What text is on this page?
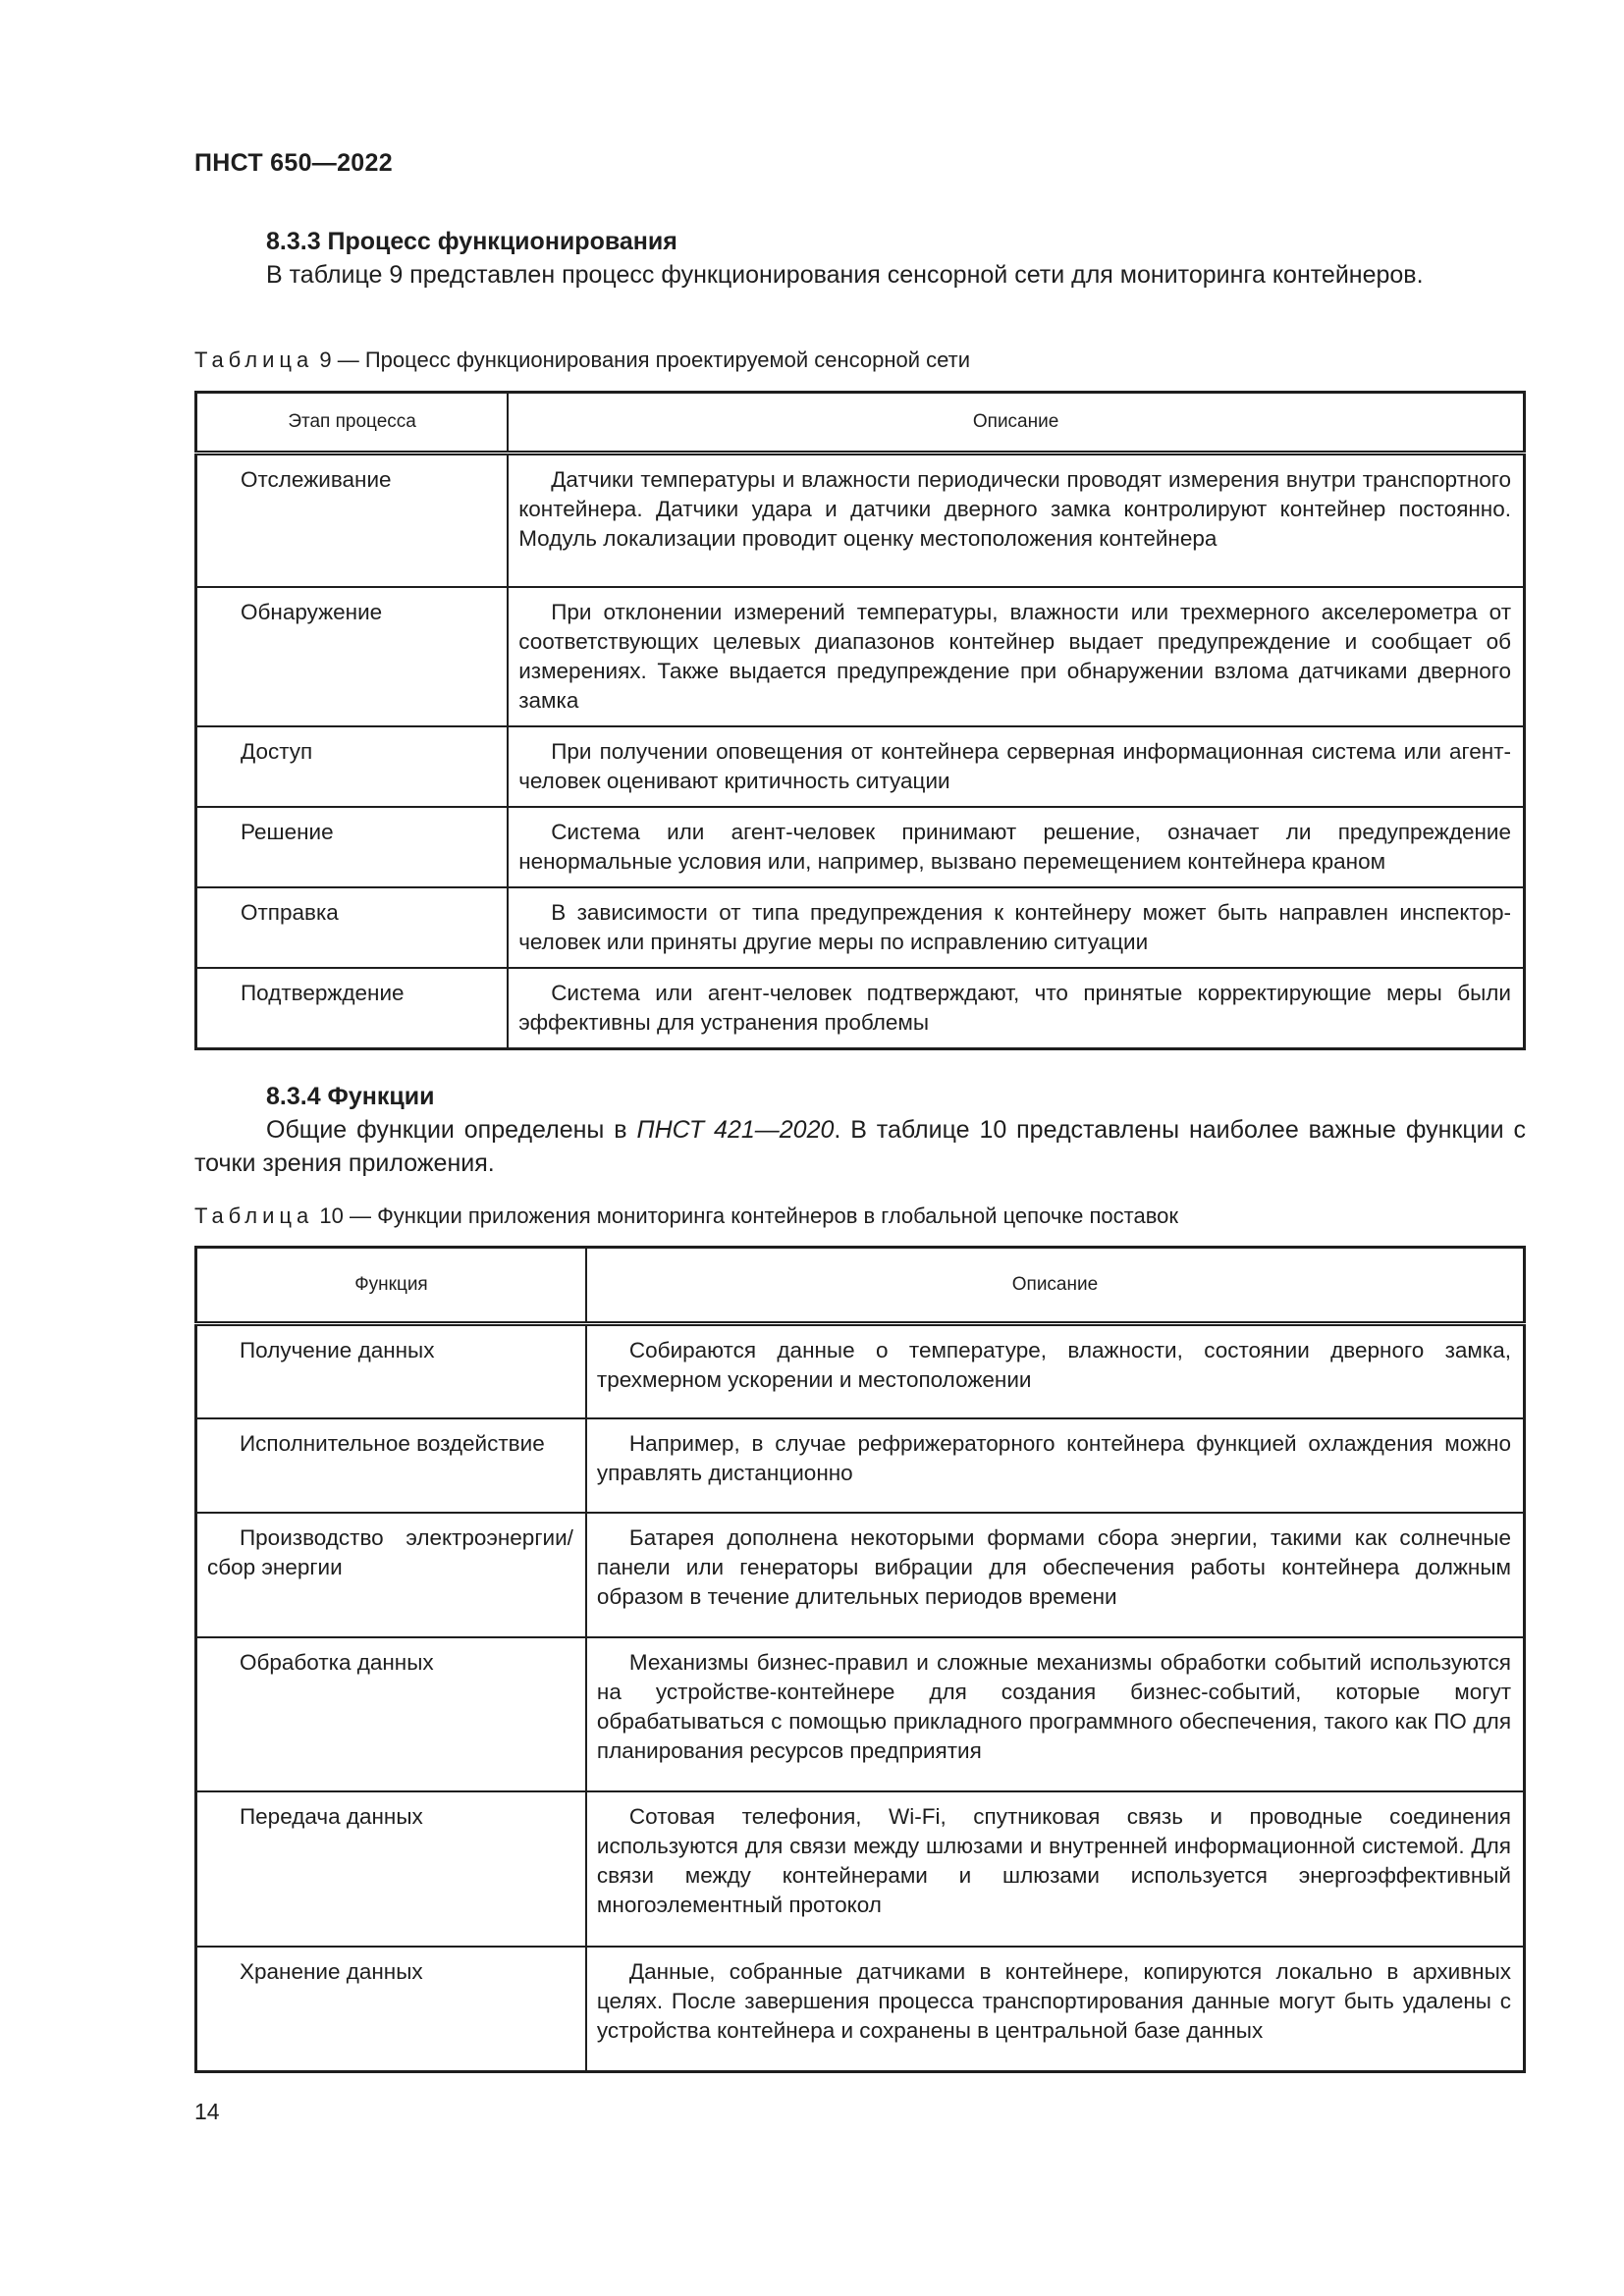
ПНСТ 650—2022
8.3.3 Процесс функционирования
В таблице 9 представлен процесс функционирования сенсорной сети для мониторинга контейнеров.
Таблица 9 — Процесс функционирования проектируемой сенсорной сети
Этап процесса	Описание
Отслеживание	Датчики температуры и влажности периодически проводят измерения внутри транспортного контейнера. Датчики удара и датчики дверного замка контролируют контейнер постоянно. Модуль локализации проводит оценку местоположения контейнера
Обнаружение	При отклонении измерений температуры, влажности или трехмерного акселерометра от соответствующих целевых диапазонов контейнер выдает предупреждение и сообщает об измерениях. Также выдается предупреждение при обнаружении взлома датчиками дверного замка
Доступ	При получении оповещения от контейнера серверная информационная система или агент-человек оценивают критичность ситуации
Решение	Система или агент-человек принимают решение, означает ли предупреждение ненормальные условия или, например, вызвано перемещением контейнера краном
Отправка	В зависимости от типа предупреждения к контейнеру может быть направлен инспектор-человек или приняты другие меры по исправлению ситуации
Подтверждение	Система или агент-человек подтверждают, что принятые корректирующие меры были эффективны для устранения проблемы
8.3.4 Функции
Общие функции определены в ПНСТ 421—2020. В таблице 10 представлены наиболее важные функции с точки зрения приложения.
Таблица 10 — Функции приложения мониторинга контейнеров в глобальной цепочке поставок
Функция	Описание
Получение данных	Собираются данные о температуре, влажности, состоянии дверного замка, трехмерном ускорении и местоположении
Исполнительное воздействие	Например, в случае рефрижераторного контейнера функцией охлаждения можно управлять дистанционно
Производство электроэнергии/сбор энергии	Батарея дополнена некоторыми формами сбора энергии, такими как солнечные панели или генераторы вибрации для обеспечения работы контейнера должным образом в течение длительных периодов времени
Обработка данных	Механизмы бизнес-правил и сложные механизмы обработки событий используются на устройстве-контейнере для создания бизнес-событий, которые могут обрабатываться с помощью прикладного программного обеспечения, такого как ПО для планирования ресурсов предприятия
Передача данных	Сотовая телефония, Wi-Fi, спутниковая связь и проводные соединения используются для связи между шлюзами и внутренней информационной системой. Для связи между контейнерами и шлюзами используется энергоэффективный многоэлементный протокол
Хранение данных	Данные, собранные датчиками в контейнере, копируются локально в архивных целях. После завершения процесса транспортирования данные могут быть удалены с устройства контейнера и сохранены в центральной базе данных
14
